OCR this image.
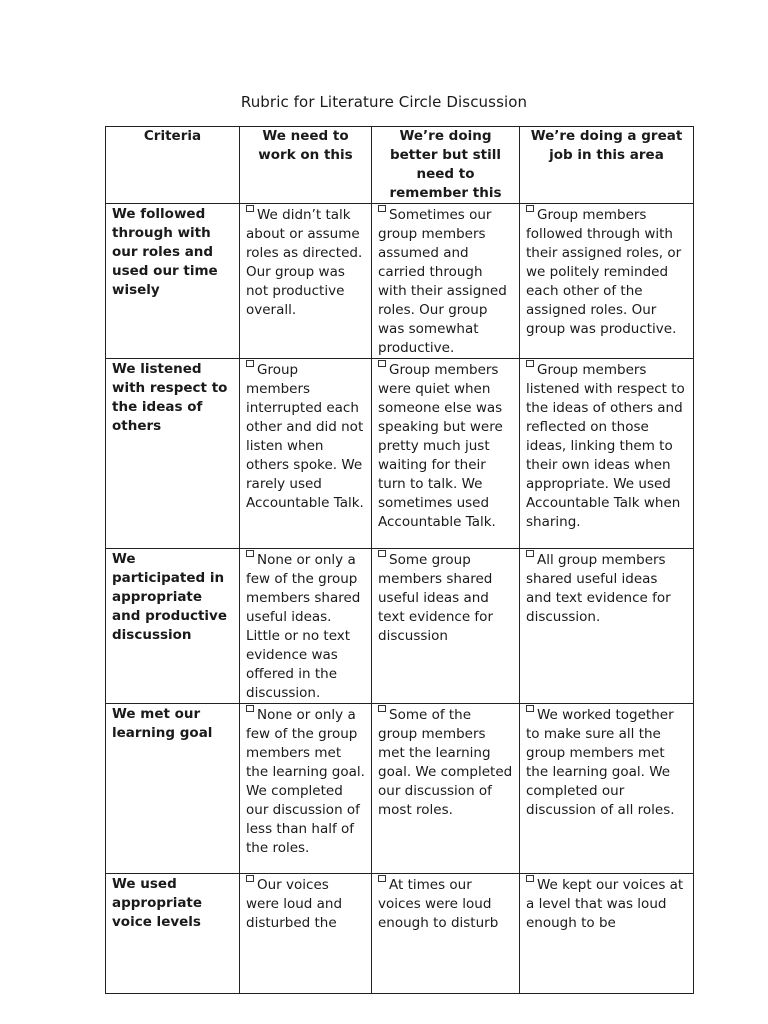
Rubric for Literature Circle Discussion
Criteria	We need to work on this	We’re doing better but still need to remember this	We’re doing a great job in this area
We followed through with our roles and used our time wisely	We didn’t talk about or assume roles as directed. Our group was not productive overall.	Sometimes our group members assumed and carried through with their assigned roles. Our group was somewhat productive.	Group members followed through with their assigned roles, or we politely reminded each other of the assigned roles. Our group was productive.
We listened with respect to the ideas of others	Group members interrupted each other and did not listen when others spoke. We rarely used Accountable Talk.	Group members were quiet when someone else was speaking but were pretty much just waiting for their turn to talk. We sometimes used Accountable Talk.	Group members listened with respect to the ideas of others and reflected on those ideas, linking them to their own ideas when appropriate. We used Accountable Talk when sharing.
We participated in appropriate and productive discussion	None or only a few of the group members shared useful ideas. Little or no text evidence was offered in the discussion.	Some group members shared useful ideas and text evidence for discussion	All group members shared useful ideas and text evidence for discussion.
We met our learning goal	None or only a few of the group members met the learning goal. We completed our discussion of less than half of the roles.	Some of the group members met the learning goal. We completed our discussion of most roles.	We worked together to make sure all the group members met the learning goal. We completed our discussion of all roles.
We used appropriate voice levels	Our voices were loud and disturbed the	At times our voices were loud enough to disturb	We kept our voices at a level that was loud enough to be
